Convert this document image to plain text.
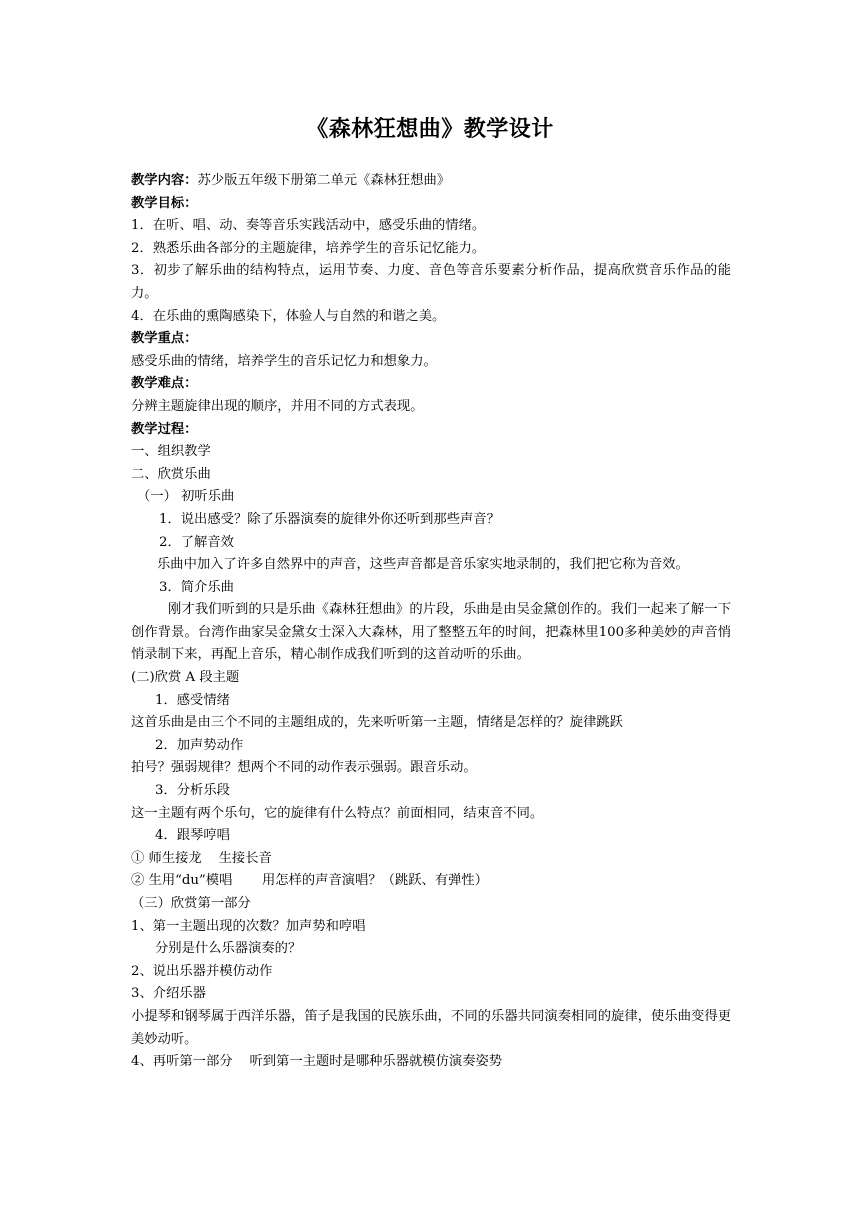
《森林狂想曲》教学设计
教学内容：苏少版五年级下册第二单元《森林狂想曲》
教学目标：
1．在听、唱、动、奏等音乐实践活动中，感受乐曲的情绪。
2．熟悉乐曲各部分的主题旋律，培养学生的音乐记忆能力。
3．初步了解乐曲的结构特点，运用节奏、力度、音色等音乐要素分析作品，提高欣赏音乐作品的能力。
4．在乐曲的熏陶感染下，体验人与自然的和谐之美。
教学重点：
感受乐曲的情绪，培养学生的音乐记忆力和想象力。
教学难点：
分辨主题旋律出现的顺序，并用不同的方式表现。
教学过程：
一、组织教学
二、欣赏乐曲
（一） 初听乐曲
1．说出感受？除了乐器演奏的旋律外你还听到那些声音？
2．了解音效
乐曲中加入了许多自然界中的声音，这些声音都是音乐家实地录制的，我们把它称为音效。
3．简介乐曲
刚才我们听到的只是乐曲《森林狂想曲》的片段，乐曲是由吴金黛创作的。我们一起来了解一下创作背景。台湾作曲家吴金黛女士深入大森林，用了整整五年的时间，把森林里100多种美妙的声音悄悄录制下来，再配上音乐，精心制作成我们听到的这首动听的乐曲。
(二)欣赏 A 段主题
1．感受情绪
这首乐曲是由三个不同的主题组成的，先来听听第一主题，情绪是怎样的？旋律跳跃
2．加声势动作
拍号？强弱规律？想两个不同的动作表示强弱。跟音乐动。
3．分析乐段
这一主题有两个乐句，它的旋律有什么特点？前面相同，结束音不同。
4．跟琴哼唱
① 师生接龙    生接长音
② 生用“du”模唱       用怎样的声音演唱？（跳跃、有弹性）
（三）欣赏第一部分
1、第一主题出现的次数？加声势和哼唱
分别是什么乐器演奏的？
2、说出乐器并模仿动作
3、介绍乐器
小提琴和钢琴属于西洋乐器，笛子是我国的民族乐曲，不同的乐器共同演奏相同的旋律，使乐曲变得更美妙动听。
4、再听第一部分    听到第一主题时是哪种乐器就模仿演奏姿势
